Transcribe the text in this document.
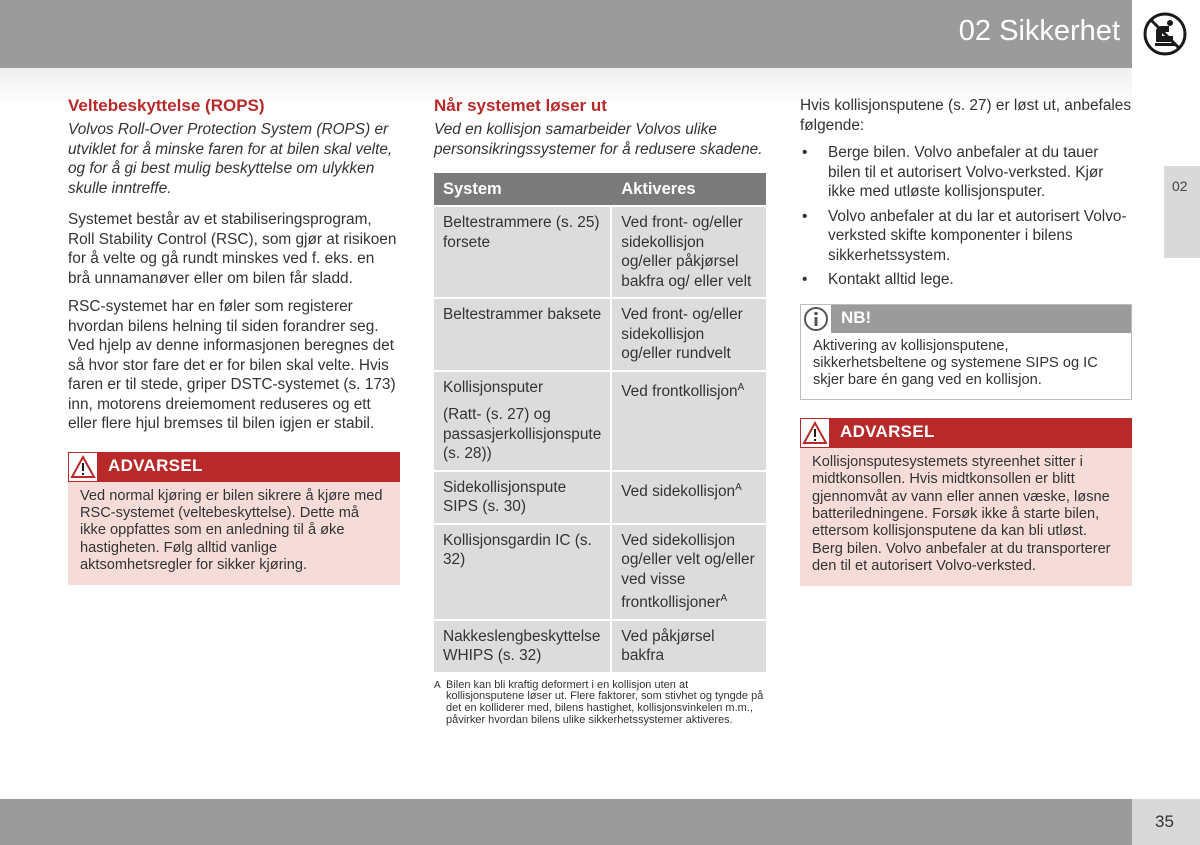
02 Sikkerhet
02
Veltebeskyttelse (ROPS)

Volvos Roll-Over Protection System (ROPS) er utviklet for å minske faren for at bilen skal velte, og for å gi best mulig beskyttelse om ulykken skulle inntreffe.

Systemet består av et stabiliseringsprogram, Roll Stability Control (RSC), som gjør at risikoen for å velte og gå rundt minskes ved f. eks. en brå unnamanøver eller om bilen får sladd.

RSC-systemet har en føler som registerer hvordan bilens helning til siden forandrer seg. Ved hjelp av denne informasjonen beregnes det så hvor stor fare det er for bilen skal velte. Hvis faren er til stede, griper DSTC-systemet (s. 173) inn, motorens dreiemoment reduseres og ett eller flere hjul bremses til bilen igjen er stabil.

ADVARSEL
Ved normal kjøring er bilen sikrere å kjøre med RSC-systemet (veltebeskyttelse). Dette må ikke oppfattes som en anledning til å øke hastigheten. Følg alltid vanlige aktsomhetsregler for sikker kjøring.
Når systemet løser ut

Ved en kollisjon samarbeider Volvos ulike personsikringssystemer for å redusere skadene.

System	Aktiveres
Beltestrammere (s. 25) forsete	Ved front- og/eller sidekollisjon og/eller påkjørsel bakfra og/ eller velt
Beltestrammer baksete	Ved front- og/eller sidekollisjon og/eller rundvelt
Kollisjonsputer
(Ratt- (s. 27) og passasjerkollisjonspute (s. 28))	Ved frontkollisjon$^A$
Sidekollisjonspute SIPS (s. 30)	Ved sidekollisjon$^A$
Kollisjonsgardin IC (s. 32)	Ved sidekollisjon og/eller velt og/eller ved visse frontkollisjoner$^A$
Nakkeslengbeskyttelse WHIPS (s. 32)	Ved påkjørsel bakfra
A Bilen kan bli kraftig deformert i en kollisjon uten at kollisjonsputene løser ut. Flere faktorer, som stivhet og tyngde på det en kolliderer med, bilens hastighet, kollisjonsvinkelen m.m., påvirker hvordan bilens ulike sikkerhetssystemer aktiveres.

Hvis kollisjonsputene (s. 27) er løst ut, anbefales følgende:

• Berge bilen. Volvo anbefaler at du tauer bilen til et autorisert Volvo-verksted. Kjør ikke med utløste kollisjonsputer.
• Volvo anbefaler at du lar et autorisert Volvo-verksted skifte komponenter i bilens sikkerhetssystem.
• Kontakt alltid lege.
NB!
Aktivering av kollisjonsputene, sikkerhetsbeltene og systemene SIPS og IC skjer bare én gang ved en kollisjon.
ADVARSEL
Kollisjonsputesystemets styreenhet sitter i midtkonsollen. Hvis midtkonsollen er blitt gjennomvåt av vann eller annen væske, løsne batteriledningene. Forsøk ikke å starte bilen, ettersom kollisjonsputene da kan bli utløst. Berg bilen. Volvo anbefaler at du transporterer den til et autorisert Volvo-verksted.
35
